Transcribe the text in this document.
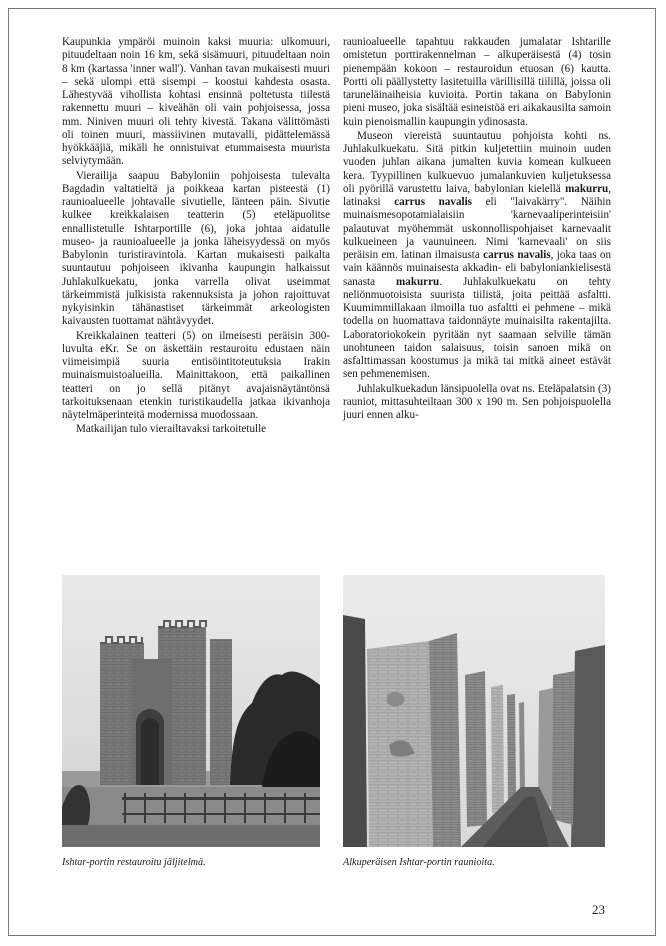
Kaupunkia ympäröi muinoin kaksi muuria: ulkomuuri, pituudeltaan noin 16 km, sekä sisämuuri, pituudeltaan noin 8 km (kartassa 'inner wall'). Vanhan tavan mukaisesti muuri – sekä ulompi että sisempi – koostui kahdesta osasta. Lähestyvää vihollista kohtasi ensinnä poltetusta tiilestä rakennettu muuri – kiveähän oli vain pohjoisessa, jossa mm. Niniven muuri oli tehty kivestä. Takana välittömästi oli toinen muuri, massiivinen mutavalli, pidättelemässä hyökkääjiä, mikäli he onnistuivat etummaisesta muurista selviytymään.

Vierailija saapuu Babyloniin pohjoisesta tulevalta Bagdadin valtatieltä ja poikkeaa kartan pisteestä (1) raunioalueelle johtavalle sivutielle, länteen päin. Sivutie kulkee kreikkalaisen teatterin (5) eteläpuolitse ennallistetulle Ishtarportille (6), joka johtaa aidatulle museo- ja raunioalueelle ja jonka läheisyydessä on myös Babylonin turistiravintola. Kartan mukaisesti paikalta suuntautuu pohjoiseen ikivanha kaupungin halkaissut Juhlakulkuekatu, jonka varrella olivat useimmat tärkeimmistä julkisista rakennuksista ja johon rajoittuvat nykyisinkin tähänastiset tärkeimmät arkeologisten kaivausten tuottamat nähtävyydet.

Kreikkalainen teatteri (5) on ilmeisesti peräisin 300-luvulta eKr. Se on äskettäin restauroitu edustaen näin viimeisimpiä suuria entisöintitoteutuksia Irakin muinaismuistoalueilla. Mainittakoon, että paikallinen teatteri on jo sellä pitänyt avajaisnäytäntönsä tarkoituksenaan etenkin turistikaudella jatkaa ikivanhoja näytelmäperinteitä modernissa muodossaan.

Matkailijan tulo vierailtavaksi tarkoitetulle

raunioalueelle tapahtuu rakkauden jumalatar Ishtarille omistetun porttirakennelman – alkuperäisestä (4) tosin pienempään kokoon – restauroidun etuosan (6) kautta. Portti oli päällystetty lasitetuilla värillisillä tiilillä, joissa oli taruneläinaiheisia kuvioita. Portin takana on Babylonin pieni museo, joka sisältää esineistöä eri aikakausilta samoin kuin pienoismallin kaupungin ydinosasta.

Museon viereistä suuntautuu pohjoista kohti ns. Juhlakulkuekatu. Sitä pitkin kuljetettiin muinoin uuden vuoden juhlan aikana jumalten kuvia komean kulkueen kera. Tyypillinen kulkuevuo jumalankuvien kuljetuksessa oli pyörillä varustettu laiva, babylonian kielellä makurru, latinaksi carrus navalis eli "laivakärry". Näihin muinaismesopotamialaisiin 'karnevaaliperinteisiin' palautuvat myöhemmät uskonnollispohjaiset karnevaalit kulkueineen ja vaunuineen. Nimi 'karnevaali' on siis peräisin em. latinan ilmaisusta carrus navalis, joka taas on vain käännös muinaisesta akkadin- eli babyloniankielisestä sanasta makurru. Juhlakulkuekatu on tehty neliönmuotoisista suurista tiilistä, joita peittää asfaltti. Kuumimmillakaan ilmoilla tuo asfaltti ei pehmene – mikä todella on huomattava taidonnäyte muinaisilta rakentajilta. Laboratoriokokein pyritään nyt saamaan selville tämän unohtuneen taidon salaisuus, toisin sanoen mikä on asfalttimassan koostumus ja mikä tai mitkä aineet estävät sen pehmenemisen.

Juhlakulkuekadun länsipuolella ovat ns. Eteläpalatsin (3) rauniot, mittasuhteiltaan 300 x 190 m. Sen pohjoispuolella juuri ennen alku-

Ishtar-portin restauroitu jäljitelmä.	Alkuperäisen Ishtar-portin raunioita.
23
